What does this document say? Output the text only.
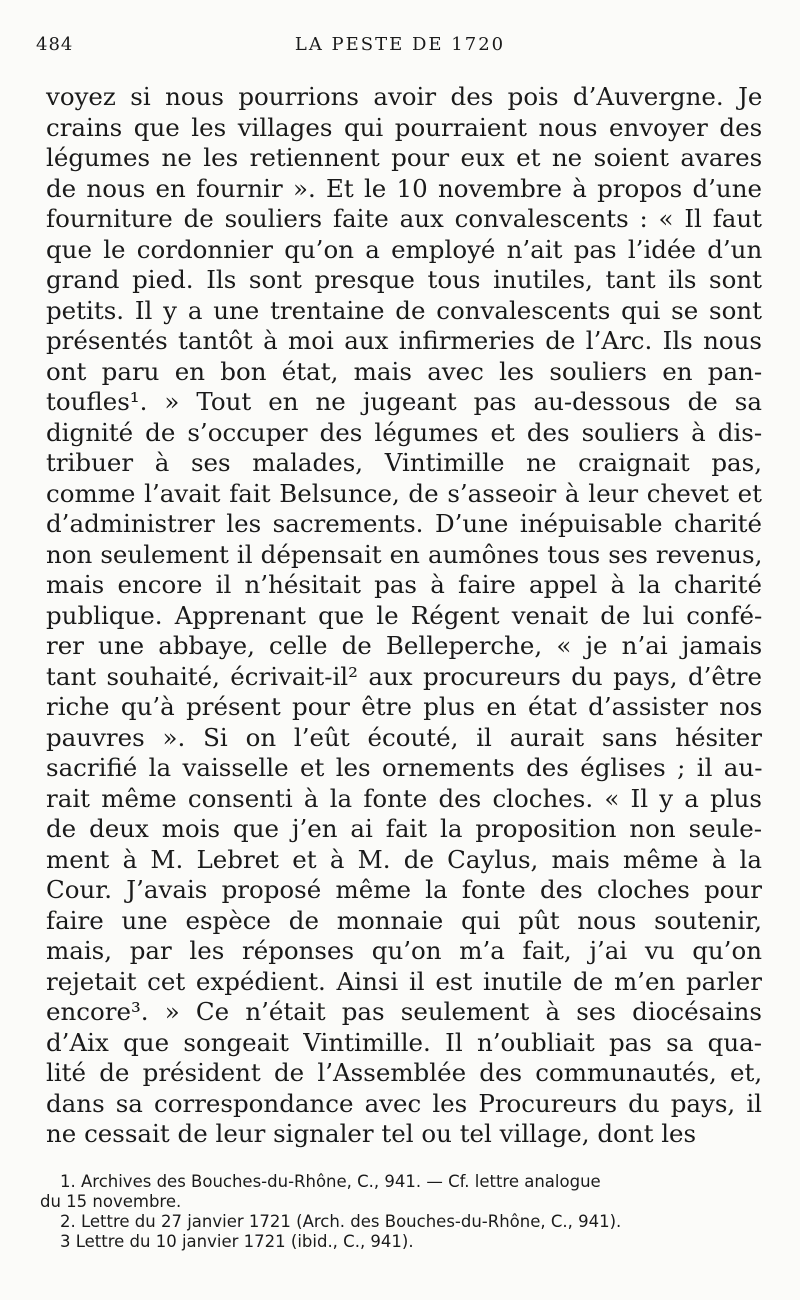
484	LA PESTE DE 1720
voyez si nous pourrions avoir des pois d’Auvergne. Je
crains que les villages qui pourraient nous envoyer des
légumes ne les retiennent pour eux et ne soient avares
de nous en fournir ». Et le 10 novembre à propos d’une
fourniture de souliers faite aux convalescents : « Il faut
que le cordonnier qu’on a employé n’ait pas l’idée d’un
grand pied. Ils sont presque tous inutiles, tant ils sont
petits. Il y a une trentaine de convalescents qui se sont
présentés tantôt à moi aux infirmeries de l’Arc. Ils nous
ont paru en bon état, mais avec les souliers en pan-
toufles¹. » Tout en ne jugeant pas au-dessous de sa
dignité de s’occuper des légumes et des souliers à dis-
tribuer à ses malades, Vintimille ne craignait pas,
comme l’avait fait Belsunce, de s’asseoir à leur chevet et
d’administrer les sacrements. D’une inépuisable charité
non seulement il dépensait en aumônes tous ses revenus,
mais encore il n’hésitait pas à faire appel à la charité
publique. Apprenant que le Régent venait de lui confé-
rer une abbaye, celle de Belleperche, « je n’ai jamais
tant souhaité, écrivait-il² aux procureurs du pays, d’être
riche qu’à présent pour être plus en état d’assister nos
pauvres ». Si on l’eût écouté, il aurait sans hésiter
sacrifié la vaisselle et les ornements des églises ; il au-
rait même consenti à la fonte des cloches. « Il y a plus
de deux mois que j’en ai fait la proposition non seule-
ment à M. Lebret et à M. de Caylus, mais même à la
Cour. J’avais proposé même la fonte des cloches pour
faire une espèce de monnaie qui pût nous soutenir,
mais, par les réponses qu’on m’a fait, j’ai vu qu’on
rejetait cet expédient. Ainsi il est inutile de m’en parler
encore³. » Ce n’était pas seulement à ses diocésains
d’Aix que songeait Vintimille. Il n’oubliait pas sa qua-
lité de président de l’Assemblée des communautés, et,
dans sa correspondance avec les Procureurs du pays, il
ne cessait de leur signaler tel ou tel village, dont les
1. Archives des Bouches-du-Rhône, C., 941. — Cf. lettre analogue
du 15 novembre.
2. Lettre du 27 janvier 1721 (Arch. des Bouches-du-Rhône, C., 941).
3 Lettre du 10 janvier 1721 (ibid., C., 941).
